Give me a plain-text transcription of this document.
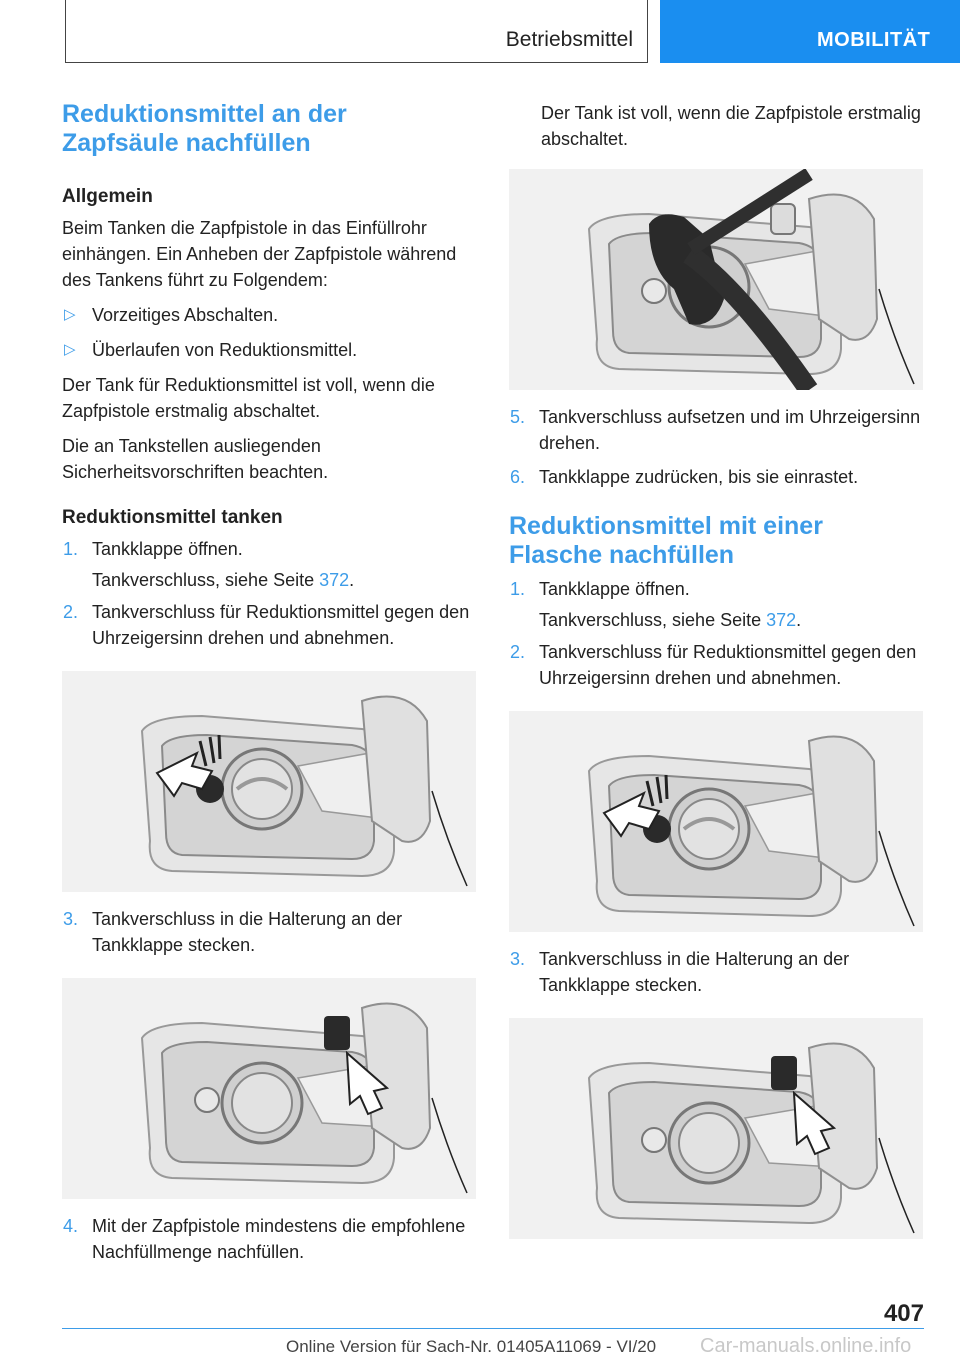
Betriebsmittel	MOBILITÄT
Reduktionsmittel an der Zapfsäule nachfüllen
Allgemein

Beim Tanken die Zapfpistole in das Einfüllrohr einhängen. Ein Anheben der Zapfpistole während des Tankens führt zu Folgendem:

▷ Vorzeitiges Abschalten.
▷ Überlaufen von Reduktionsmittel.

Der Tank für Reduktionsmittel ist voll, wenn die Zapfpistole erstmalig abschaltet.

Die an Tankstellen ausliegenden Sicherheitsvorschriften beachten.

Reduktionsmittel tanken
1. Tankklappe öffnen.
Tankverschluss, siehe Seite 372.
2. Tankverschluss für Reduktionsmittel gegen den Uhrzeigersinn drehen und abnehmen.
3. Tankverschluss in die Halterung an der Tankklappe stecken.
4. Mit der Zapfpistole mindestens die empfohlene Nachfüllmenge nachfüllen.

Der Tank ist voll, wenn die Zapfpistole erstmalig abschaltet.

5. Tankverschluss aufsetzen und im Uhrzeigersinn drehen.
6. Tankklappe zudrücken, bis sie einrastet.
Reduktionsmittel mit einer Flasche nachfüllen
1. Tankklappe öffnen.
Tankverschluss, siehe Seite 372.
2. Tankverschluss für Reduktionsmittel gegen den Uhrzeigersinn drehen und abnehmen.
3. Tankverschluss in die Halterung an der Tankklappe stecken.
407
Online Version für Sach-Nr. 01405A11069 - VI/20 Car-manuals.online.info
